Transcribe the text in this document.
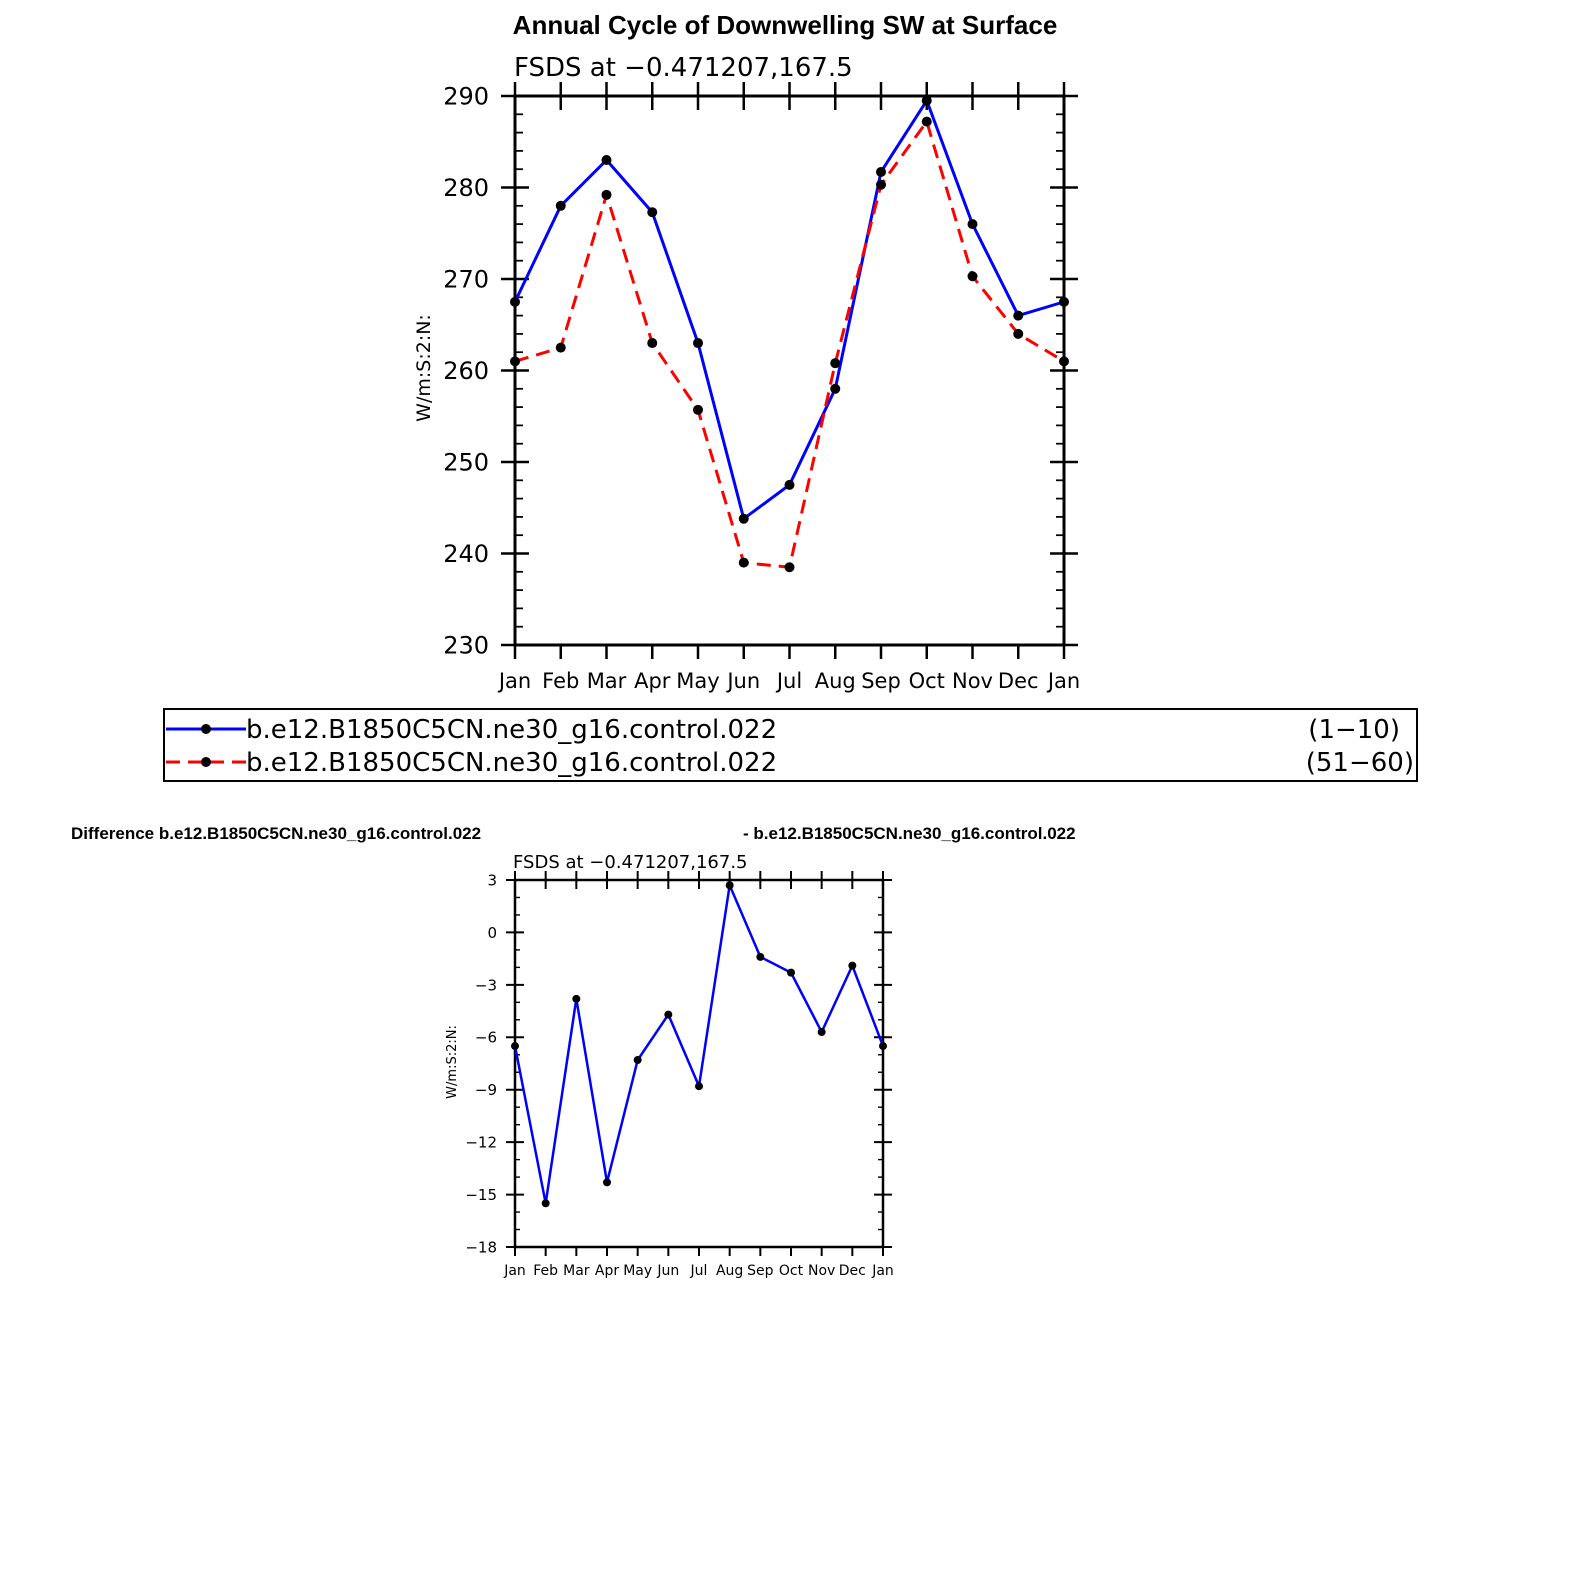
Annual Cycle of Downwelling SW at Surface
FSDS at −0.471207,167.5
W/m:S:2:N:
230
240
250
260
270
280
290
Jan Feb Mar Apr May Jun Jul Aug Sep Oct Nov Dec Jan
b.e12.B1850C5CN.ne30_g16.control.022	(1−10)
b.e12.B1850C5CN.ne30_g16.control.022	(51−60)
Difference b.e12.B1850C5CN.ne30_g16.control.022	- b.e12.B1850C5CN.ne30_g16.control.022
FSDS at −0.471207,167.5
W/m:S:2:N:
−18
−15
−12
−9
−6
−3
0
3
Jan Feb Mar Apr May Jun Jul Aug Sep Oct Nov Dec Jan
